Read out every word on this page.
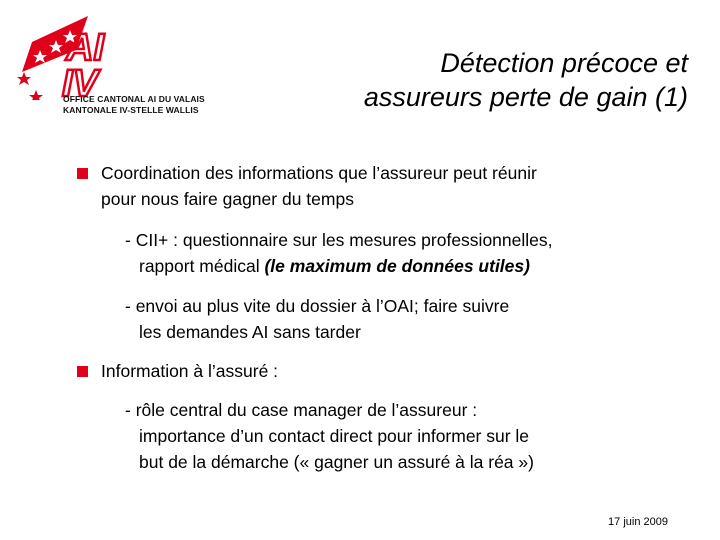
AI
IV
OFFICE CANTONAL AI DU VALAIS
KANTONALE IV-STELLE WALLIS
Détection précoce et
assureurs perte de gain (1)
Coordination des informations que l’assureur peut réunir
pour nous faire gagner du temps
- CII+ : questionnaire sur les mesures professionnelles,
rapport médical (le maximum de données utiles)
- envoi au plus vite du dossier à l’OAI; faire suivre
les demandes AI sans tarder
Information à l’assuré :
- rôle central du case manager de l’assureur :
importance d’un contact direct pour informer sur le
but de la démarche (« gagner un assuré à la réa »)
17 juin 2009
